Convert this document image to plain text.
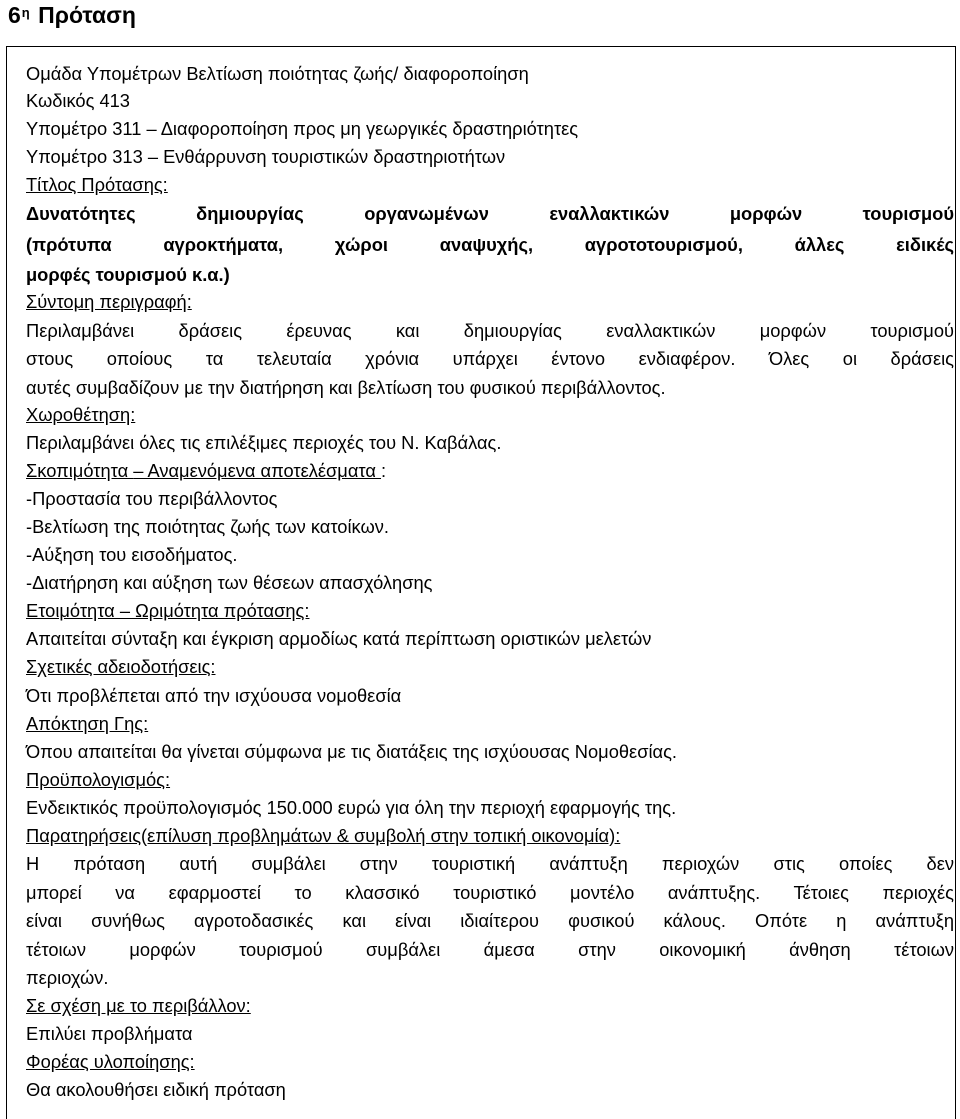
$6^\eta$ Πρόταση
Ομάδα Υπομέτρων Βελτίωση ποιότητας ζωής/ διαφοροποίηση
Κωδικός 413
Υπομέτρο 311 – Διαφοροποίηση προς μη γεωργικές δραστηριότητες
Υπομέτρο 313 – Ενθάρρυνση τουριστικών δραστηριοτήτων
Τίτλος Πρότασης:
Δυνατότητες δημιουργίας οργανωμένων εναλλακτικών μορφών τουρισμού
(πρότυπα αγροκτήματα, χώροι αναψυχής, αγροτοτουρισμού, άλλες ειδικές
μορφές τουρισμού κ.α.)
Σύντομη περιγραφή:
Περιλαμβάνει δράσεις έρευνας και δημιουργίας εναλλακτικών μορφών τουρισμού
στους οποίους τα τελευταία χρόνια υπάρχει έντονο ενδιαφέρον. Όλες οι δράσεις
αυτές συμβαδίζουν με την διατήρηση και βελτίωση του φυσικού περιβάλλοντος.
Χωροθέτηση:
Περιλαμβάνει όλες τις επιλέξιμες περιοχές του Ν. Καβάλας.
Σκοπιμότητα – Αναμενόμενα αποτελέσματα :
-Προστασία του περιβάλλοντος
-Βελτίωση της ποιότητας ζωής των κατοίκων.
-Αύξηση του εισοδήματος.
-Διατήρηση και αύξηση των θέσεων απασχόλησης
Ετοιμότητα – Ωριμότητα πρότασης:
Απαιτείται σύνταξη και έγκριση αρμοδίως κατά περίπτωση οριστικών μελετών
Σχετικές αδειοδοτήσεις:
Ότι προβλέπεται από την ισχύουσα νομοθεσία
Απόκτηση Γης:
Όπου απαιτείται θα γίνεται σύμφωνα με τις διατάξεις της ισχύουσας Νομοθεσίας.
Προϋπολογισμός:
Ενδεικτικός προϋπολογισμός 150.000 ευρώ για όλη την περιοχή εφαρμογής της.
Παρατηρήσεις(επίλυση προβλημάτων & συμβολή στην τοπική οικονομία):
Η πρόταση αυτή συμβάλει στην τουριστική ανάπτυξη περιοχών στις οποίες δεν
μπορεί να εφαρμοστεί το κλασσικό τουριστικό μοντέλο ανάπτυξης. Τέτοιες περιοχές
είναι συνήθως αγροτοδασικές και είναι ιδιαίτερου φυσικού κάλους. Οπότε η ανάπτυξη
τέτοιων μορφών τουρισμού συμβάλει άμεσα στην οικονομική άνθηση τέτοιων
περιοχών.
Σε σχέση με το περιβάλλον:
Επιλύει προβλήματα
Φορέας υλοποίησης:
Θα ακολουθήσει ειδική πρόταση
